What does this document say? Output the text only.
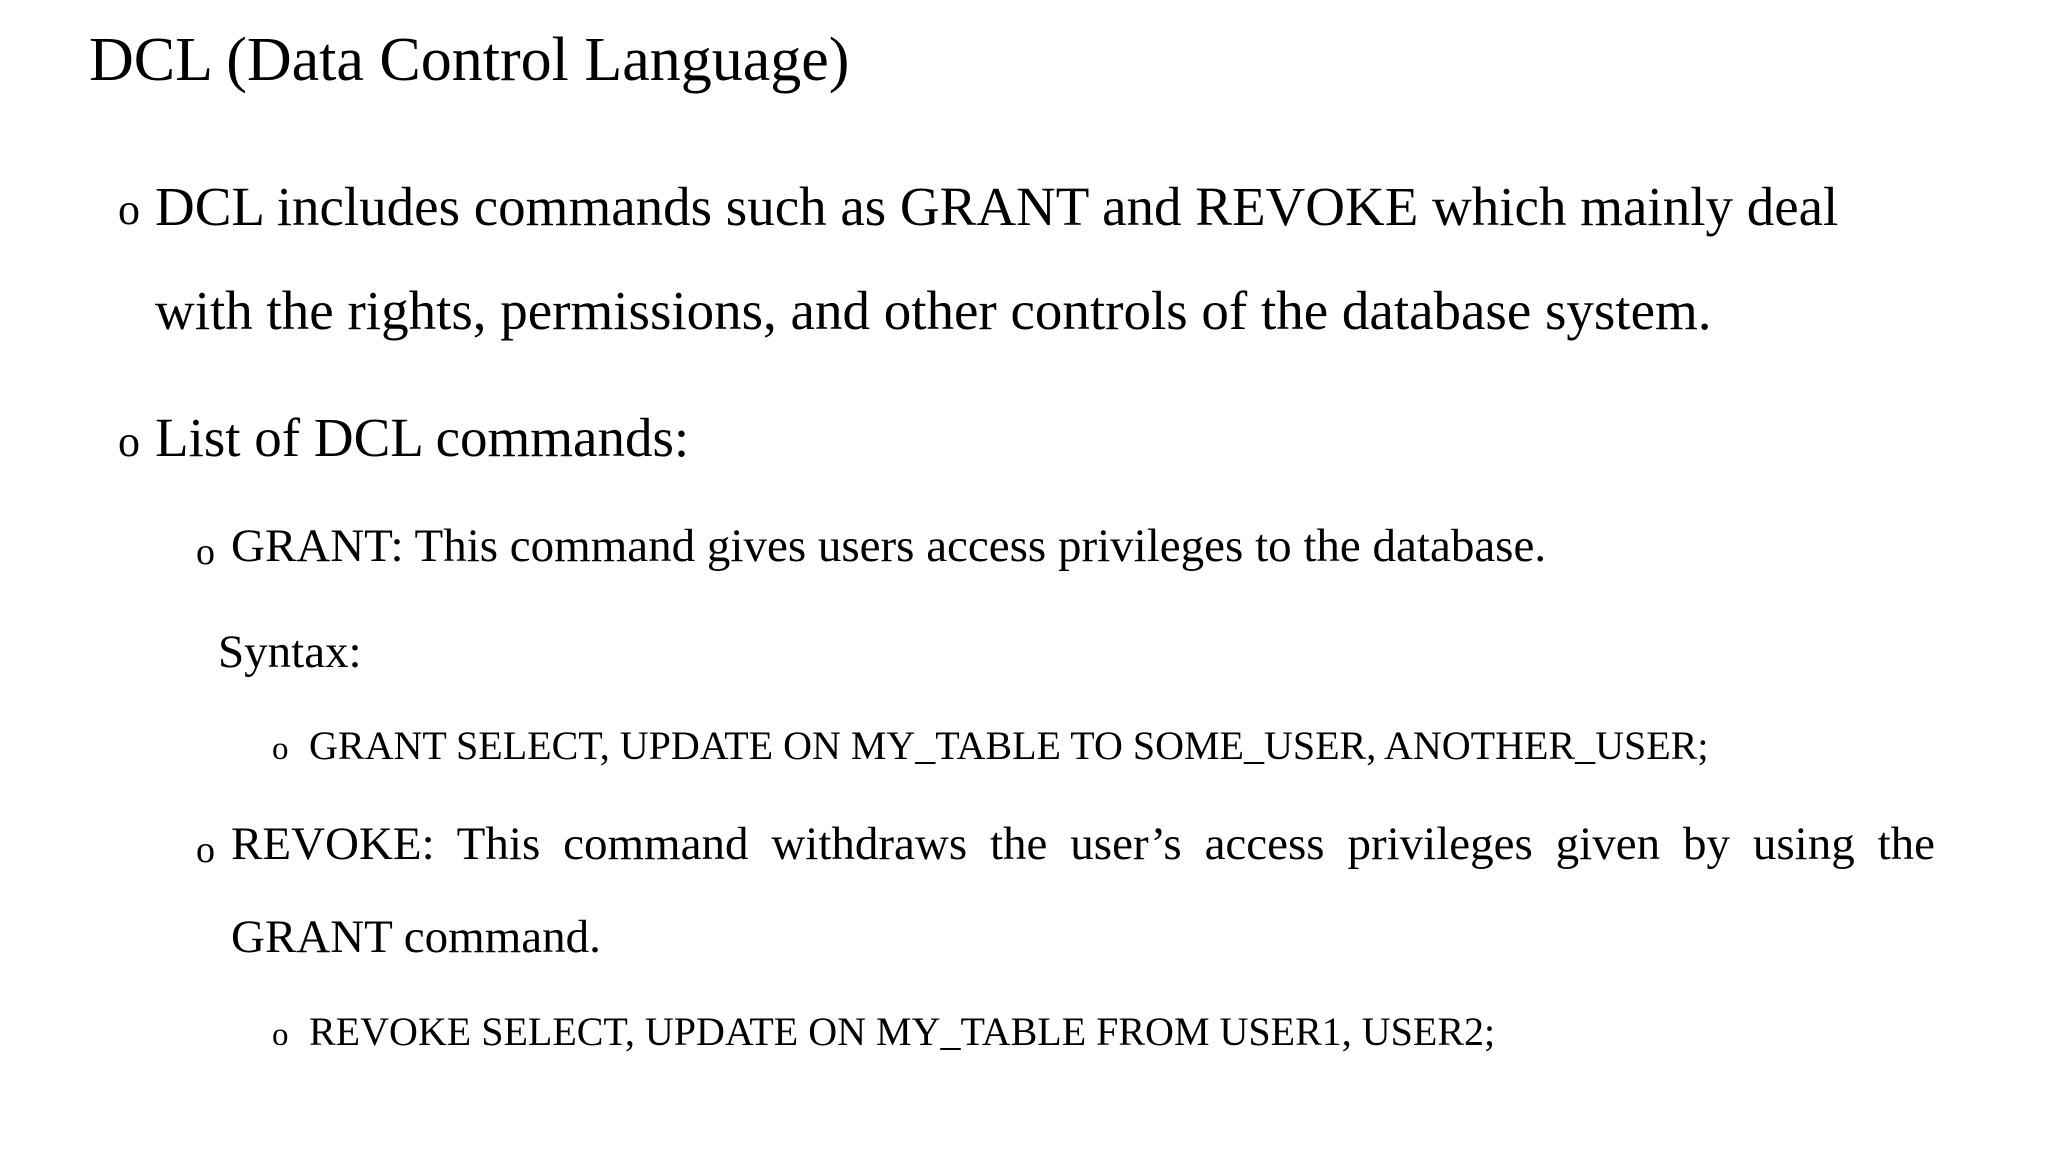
DCL (Data Control Language)
o DCL includes commands such as GRANT and REVOKE which mainly deal with the rights, permissions, and other controls of the database system.
o List of DCL commands:
o GRANT: This command gives users access privileges to the database.
Syntax:
o GRANT SELECT, UPDATE ON MY_TABLE TO SOME_USER, ANOTHER_USER;
o REVOKE: This command withdraws the user’s access privileges given by using the GRANT command.
o REVOKE SELECT, UPDATE ON MY_TABLE FROM USER1, USER2;
